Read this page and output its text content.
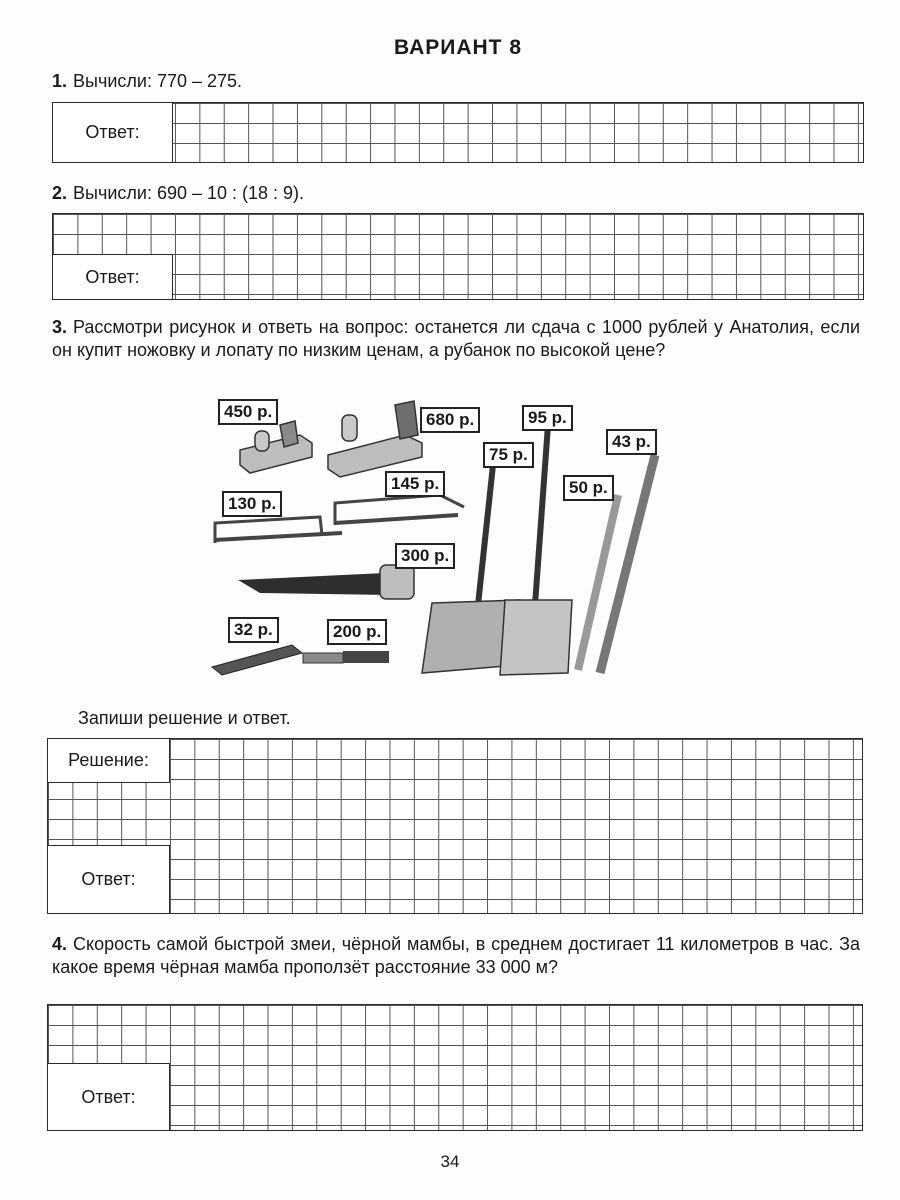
ВАРИАНТ 8
1. Вычисли: 770 – 275.
Ответ:
2. Вычисли: 690 – 10 : (18 : 9).
Ответ:
3. Рассмотри рисунок и ответь на вопрос: останется ли сдача с 1000 рублей у Анатолия, если он купит ножовку и лопату по низким ценам, а рубанок по высокой цене?
450 р.	680 р.
130 р.
145 р.
300 р.
32 р.	200 р.
75 р.
95 р.
50 р.
43 р.
Запиши решение и ответ.
Решение:
Ответ:
4. Скорость самой быстрой змеи, чёрной мамбы, в среднем достигает 11 километров в час. За какое время чёрная мамба проползёт расстояние 33 000 м?
Ответ:
34
